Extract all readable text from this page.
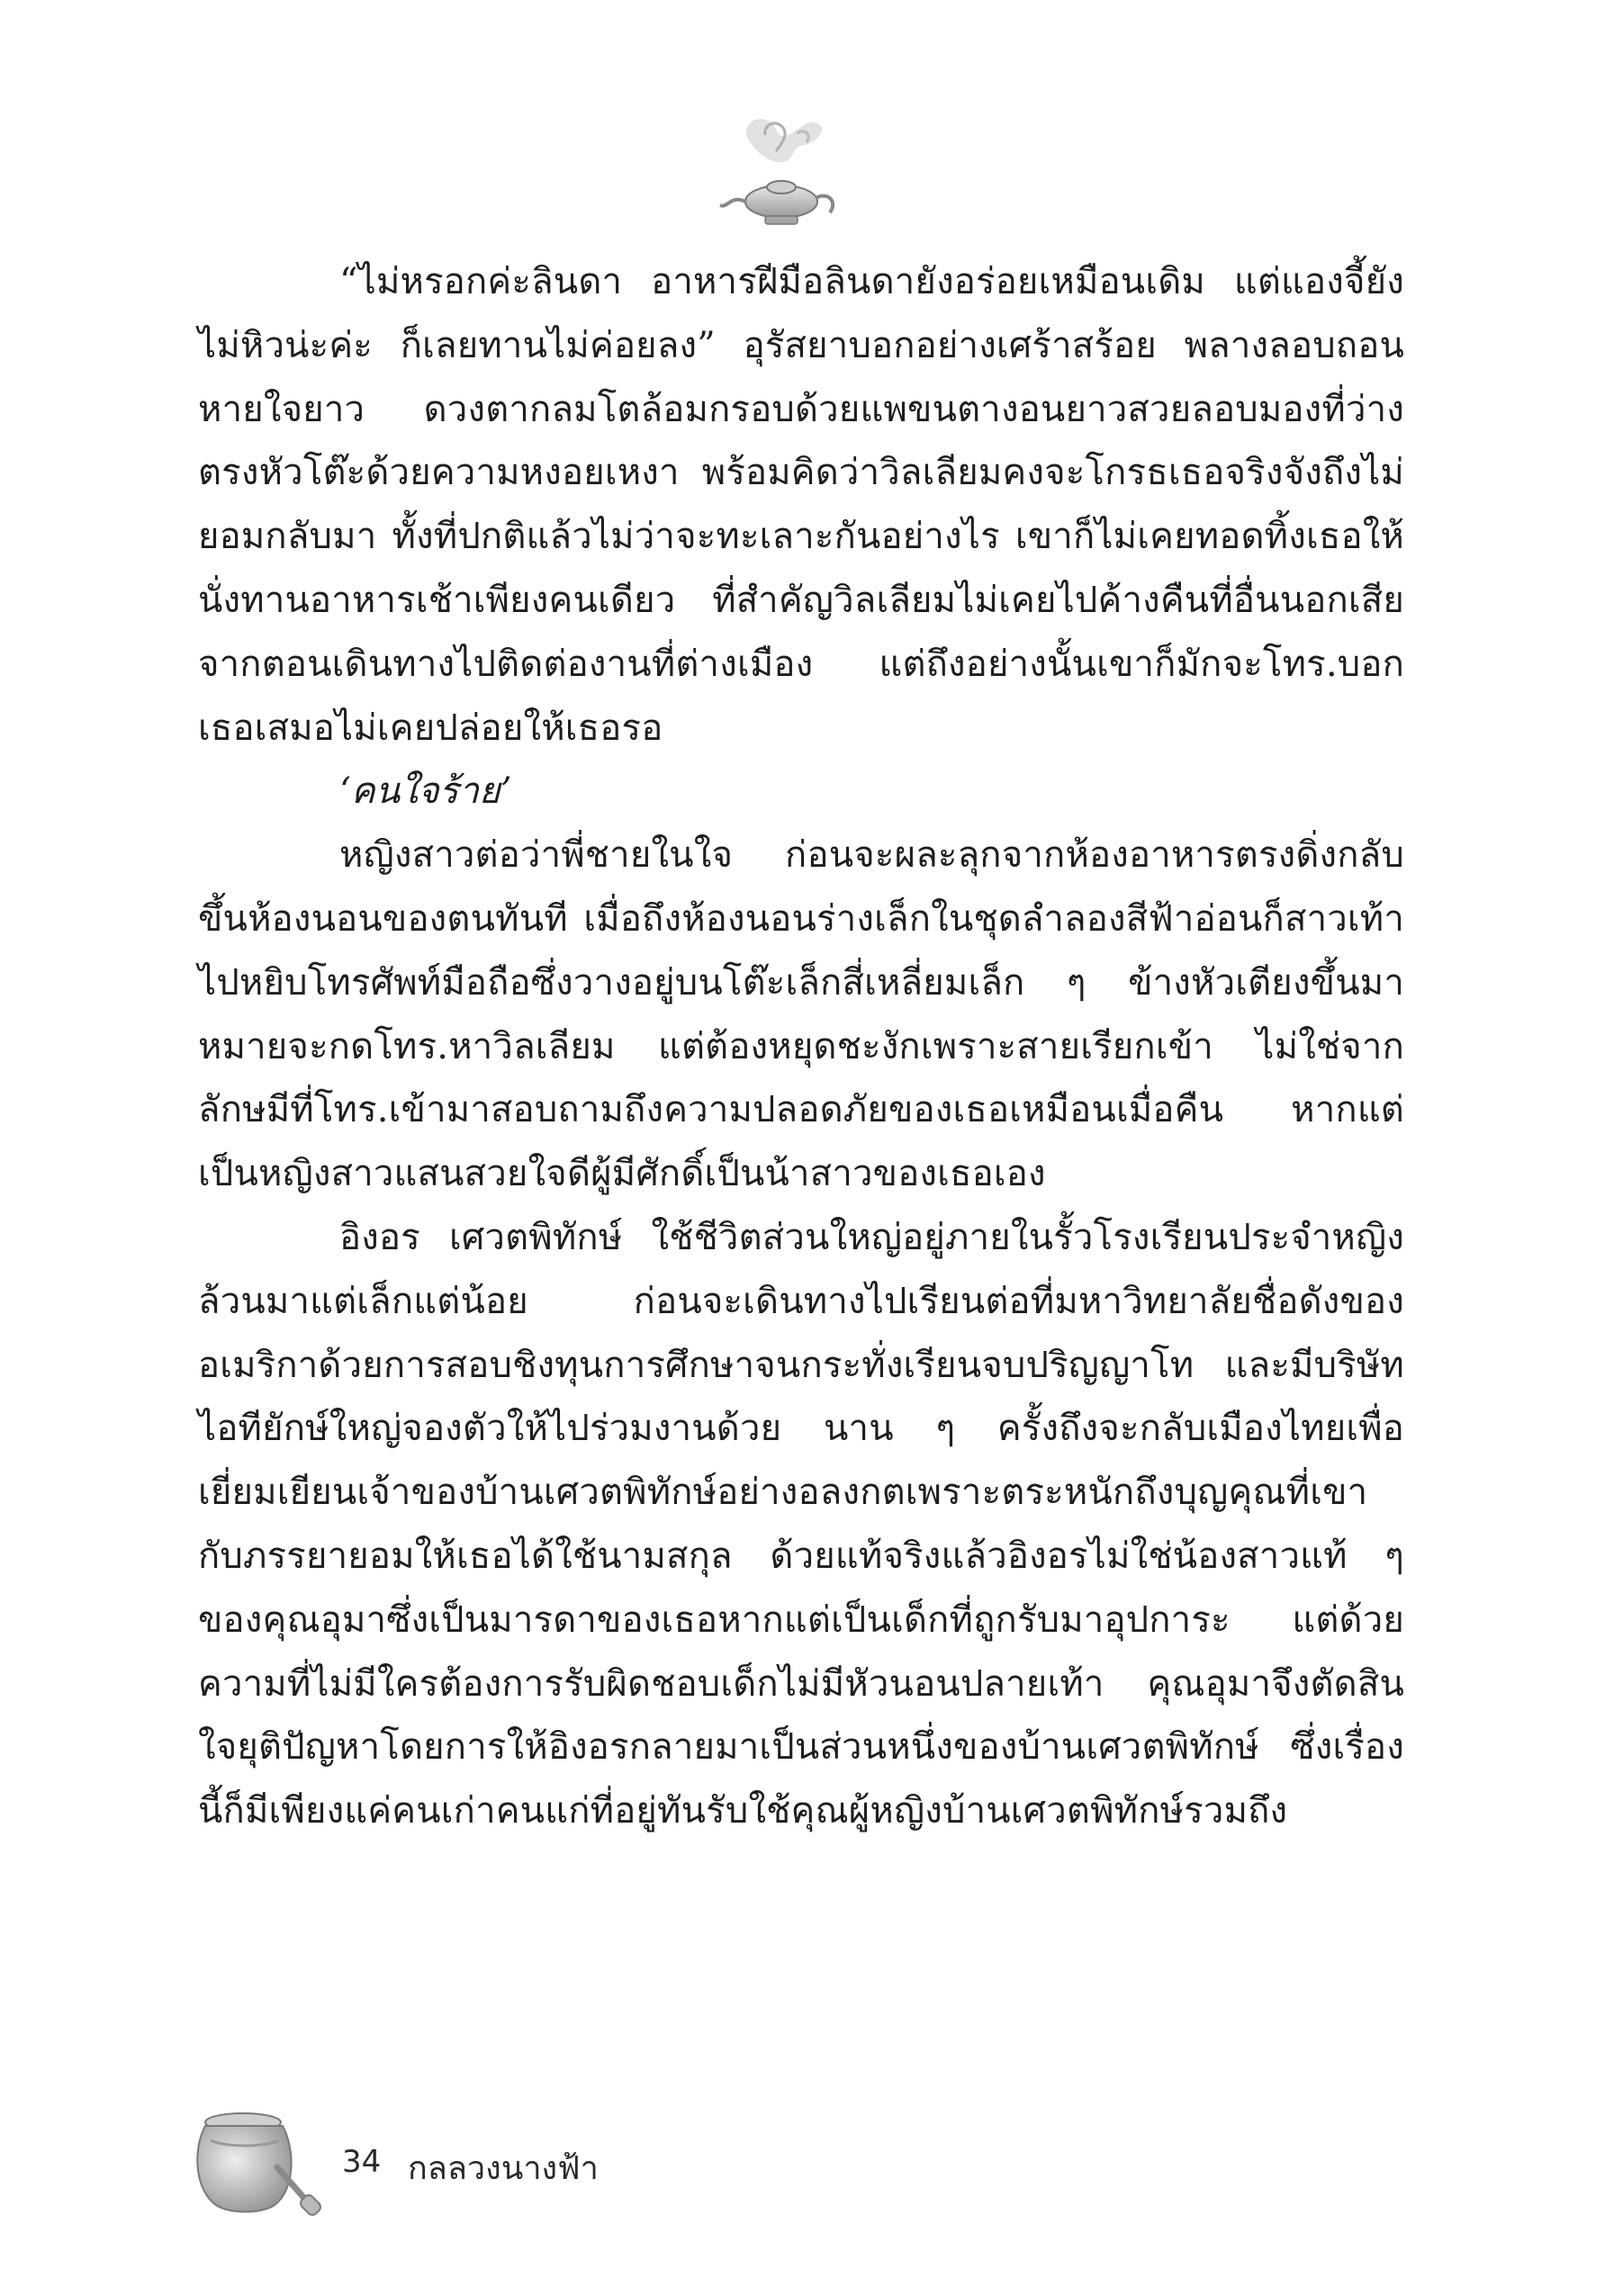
“ไม่หรอกค่ะลินดา อาหารฝีมือลินดายังอร่อยเหมือนเดิม แต่แองจี้ยังไม่หิวน่ะค่ะ ก็เลยทานไม่ค่อยลง” อุรัสยาบอกอย่างเศร้าสร้อย พลางลอบถอนหายใจยาว ดวงตากลมโตล้อมกรอบด้วยแพขนตางอนยาวสวยลอบมองที่ว่างตรงหัวโต๊ะด้วยความหงอยเหงา พร้อมคิดว่าวิลเลียมคงจะโกรธเธอจริงจังถึงไม่ยอมกลับมา ทั้งที่ปกติแล้วไม่ว่าจะทะเลาะกันอย่างไร เขาก็ไม่เคยทอดทิ้งเธอให้นั่งทานอาหารเช้าเพียงคนเดียว ที่สำคัญวิลเลียมไม่เคยไปค้างคืนที่อื่นนอกเสียจากตอนเดินทางไปติดต่องานที่ต่างเมือง แต่ถึงอย่างนั้นเขาก็มักจะโทร.บอกเธอเสมอไม่เคยปล่อยให้เธอรอ

‘คนใจร้าย’

หญิงสาวต่อว่าพี่ชายในใจ ก่อนจะผละลุกจากห้องอาหารตรงดิ่งกลับขึ้นห้องนอนของตนทันที เมื่อถึงห้องนอนร่างเล็กในชุดลำลองสีฟ้าอ่อนก็สาวเท้าไปหยิบโทรศัพท์มือถือซึ่งวางอยู่บนโต๊ะเล็กสี่เหลี่ยมเล็ก ๆ ข้างหัวเตียงขึ้นมาหมายจะกดโทร.หาวิลเลียม แต่ต้องหยุดชะงักเพราะสายเรียกเข้า ไม่ใช่จากลักษมีที่โทร.เข้ามาสอบถามถึงความปลอดภัยของเธอเหมือนเมื่อคืน หากแต่เป็นหญิงสาวแสนสวยใจดีผู้มีศักดิ์เป็นน้าสาวของเธอเอง

อิงอร เศวตพิทักษ์ ใช้ชีวิตส่วนใหญ่อยู่ภายในรั้วโรงเรียนประจำหญิงล้วนมาแต่เล็กแต่น้อย ก่อนจะเดินทางไปเรียนต่อที่มหาวิทยาลัยชื่อดังของอเมริกาด้วยการสอบชิงทุนการศึกษาจนกระทั่งเรียนจบปริญญาโท และมีบริษัทไอทียักษ์ใหญ่จองตัวให้ไปร่วมงานด้วย นาน ๆ ครั้งถึงจะกลับเมืองไทยเพื่อเยี่ยมเยียนเจ้าของบ้านเศวตพิทักษ์อย่างอลงกตเพราะตระหนักถึงบุญคุณที่เขากับภรรยายอมให้เธอได้ใช้นามสกุล ด้วยแท้จริงแล้วอิงอรไม่ใช่น้องสาวแท้ ๆ ของคุณอุมาซึ่งเป็นมารดาของเธอหากแต่เป็นเด็กที่ถูกรับมาอุปการะ แต่ด้วยความที่ไม่มีใครต้องการรับผิดชอบเด็กไม่มีหัวนอนปลายเท้า คุณอุมาจึงตัดสินใจยุติปัญหาโดยการให้อิงอรกลายมาเป็นส่วนหนึ่งของบ้านเศวตพิทักษ์ ซึ่งเรื่องนี้ก็มีเพียงแค่คนเก่าคนแก่ที่อยู่ทันรับใช้คุณผู้หญิงบ้านเศวตพิทักษ์รวมถึง

34 กลลวงนางฟ้า
